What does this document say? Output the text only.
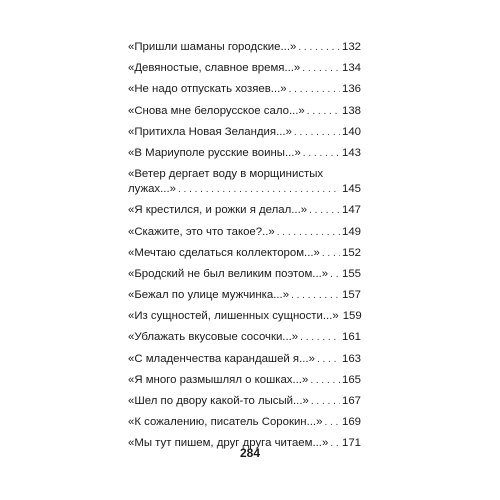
«Пришли шаманы городские...» . . .	132
«Девяностые, славное время...» . . .	134
«Не надо отпускать хозяев...» . . .	136
«Снова мне белорусское сало...» . . .	138
«Притихла Новая Зеландия...» . . .	140
«В Мариуполе русские воины...» . . .	143
«Ветер дергает воду в морщинистых
лужах...» . . .	145
«Я крестился, и рожки я делал...» . . .	147
«Скажите, это что такое?..» . . .	149
«Мечтаю сделаться коллектором...» . . . 152
«Бродский не был великим поэтом...» . . . 155
«Бежал по улице мужчинка...» . . .	157
«Из сущностей, лишенных сущности...» 159
«Ублажать вкусовые сосочки...» . . .	161
«С младенчества карандашей я...» . . . 163
«Я много размышлял о кошках...» . . .	165
«Шел по двору какой-то лысый...» . . .	167
«К сожалению, писатель Сорокин...» . . . 169
«Мы тут пишем, друг друга читаем...» . . . 171
284
